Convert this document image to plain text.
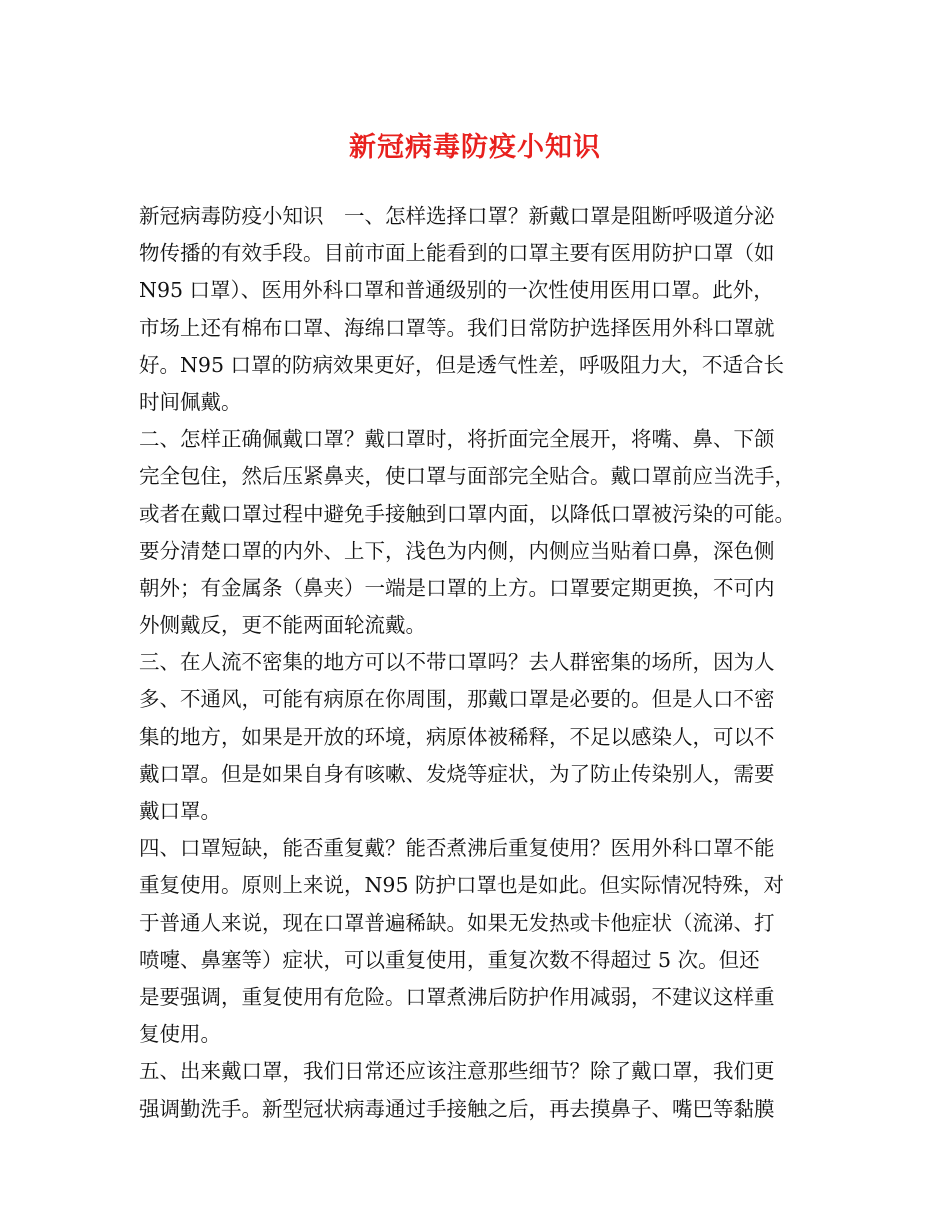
新冠病毒防疫小知识
新冠病毒防疫小知识　一、怎样选择口罩？新戴口罩是阻断呼吸道分泌
物传播的有效手段。目前市面上能看到的口罩主要有医用防护口罩（如
N95 口罩）、医用外科口罩和普通级别的一次性使用医用口罩。此外，
市场上还有棉布口罩、海绵口罩等。我们日常防护选择医用外科口罩就
好。N95 口罩的防病效果更好，但是透气性差，呼吸阻力大，不适合长
时间佩戴。
二、怎样正确佩戴口罩？戴口罩时，将折面完全展开，将嘴、鼻、下颌
完全包住，然后压紧鼻夹，使口罩与面部完全贴合。戴口罩前应当洗手，
或者在戴口罩过程中避免手接触到口罩内面，以降低口罩被污染的可能。
要分清楚口罩的内外、上下，浅色为内侧，内侧应当贴着口鼻，深色侧
朝外；有金属条（鼻夹）一端是口罩的上方。口罩要定期更换，不可内
外侧戴反，更不能两面轮流戴。
三、在人流不密集的地方可以不带口罩吗？去人群密集的场所，因为人
多、不通风，可能有病原在你周围，那戴口罩是必要的。但是人口不密
集的地方，如果是开放的环境，病原体被稀释，不足以感染人，可以不
戴口罩。但是如果自身有咳嗽、发烧等症状，为了防止传染别人，需要
戴口罩。
四、口罩短缺，能否重复戴？能否煮沸后重复使用？医用外科口罩不能
重复使用。原则上来说，N95 防护口罩也是如此。但实际情况特殊，对
于普通人来说，现在口罩普遍稀缺。如果无发热或卡他症状（流涕、打
喷嚏、鼻塞等）症状，可以重复使用，重复次数不得超过 5 次。但还
是要强调，重复使用有危险。口罩煮沸后防护作用减弱，不建议这样重
复使用。
五、出来戴口罩，我们日常还应该注意那些细节？除了戴口罩，我们更
强调勤洗手。新型冠状病毒通过手接触之后，再去摸鼻子、嘴巴等黏膜
